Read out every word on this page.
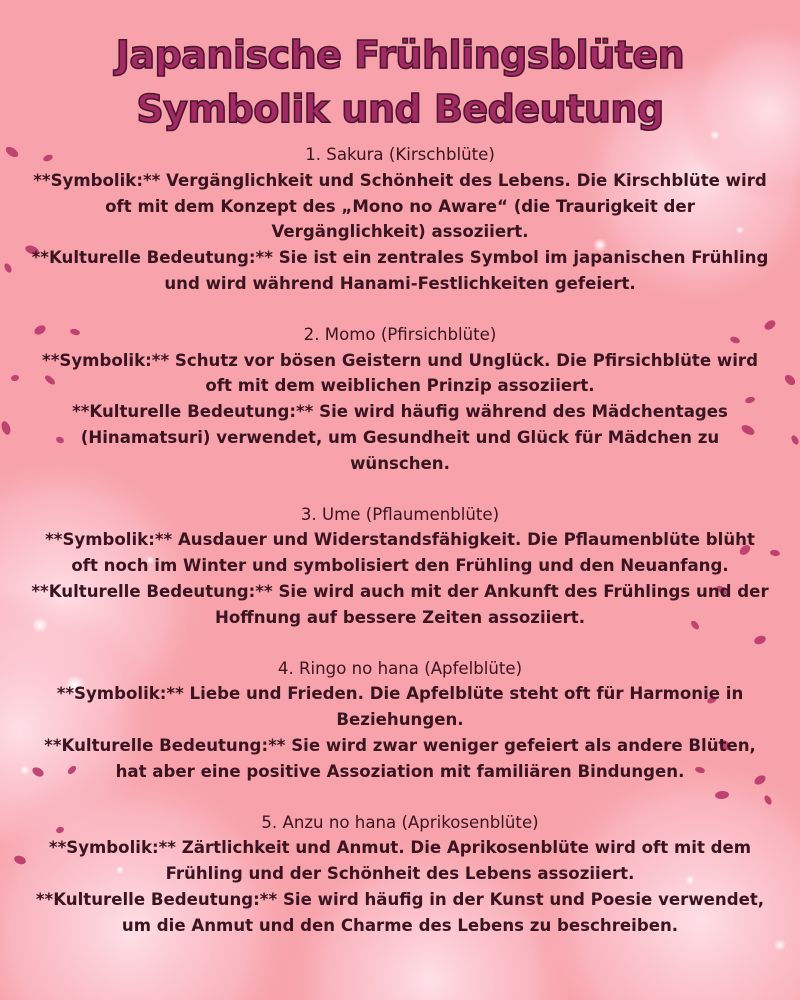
Japanische Frühlingsblüten
Symbolik und Bedeutung

1. Sakura (Kirschblüte)

**Symbolik:** Vergänglichkeit und Schönheit des Lebens. Die Kirschblüte wird oft mit dem Konzept des „Mono no Aware“ (die Traurigkeit der Vergänglichkeit) assoziiert.

**Kulturelle Bedeutung:** Sie ist ein zentrales Symbol im japanischen Frühling und wird während Hanami-Festlichkeiten gefeiert.

2. Momo (Pfirsichblüte)

**Symbolik:** Schutz vor bösen Geistern und Unglück. Die Pfirsichblüte wird oft mit dem weiblichen Prinzip assoziiert.

**Kulturelle Bedeutung:** Sie wird häufig während des Mädchentages (Hinamatsuri) verwendet, um Gesundheit und Glück für Mädchen zu wünschen.

3. Ume (Pflaumenblüte)

**Symbolik:** Ausdauer und Widerstandsfähigkeit. Die Pflaumenblüte blüht oft noch im Winter und symbolisiert den Frühling und den Neuanfang.

**Kulturelle Bedeutung:** Sie wird auch mit der Ankunft des Frühlings und der Hoffnung auf bessere Zeiten assoziiert.

4. Ringo no hana (Apfelblüte)

**Symbolik:** Liebe und Frieden. Die Apfelblüte steht oft für Harmonie in Beziehungen.

**Kulturelle Bedeutung:** Sie wird zwar weniger gefeiert als andere Blüten, hat aber eine positive Assoziation mit familiären Bindungen.

5. Anzu no hana (Aprikosenblüte)

**Symbolik:** Zärtlichkeit und Anmut. Die Aprikosenblüte wird oft mit dem Frühling und der Schönheit des Lebens assoziiert.

**Kulturelle Bedeutung:** Sie wird häufig in der Kunst und Poesie verwendet, um die Anmut und den Charme des Lebens zu beschreiben.
